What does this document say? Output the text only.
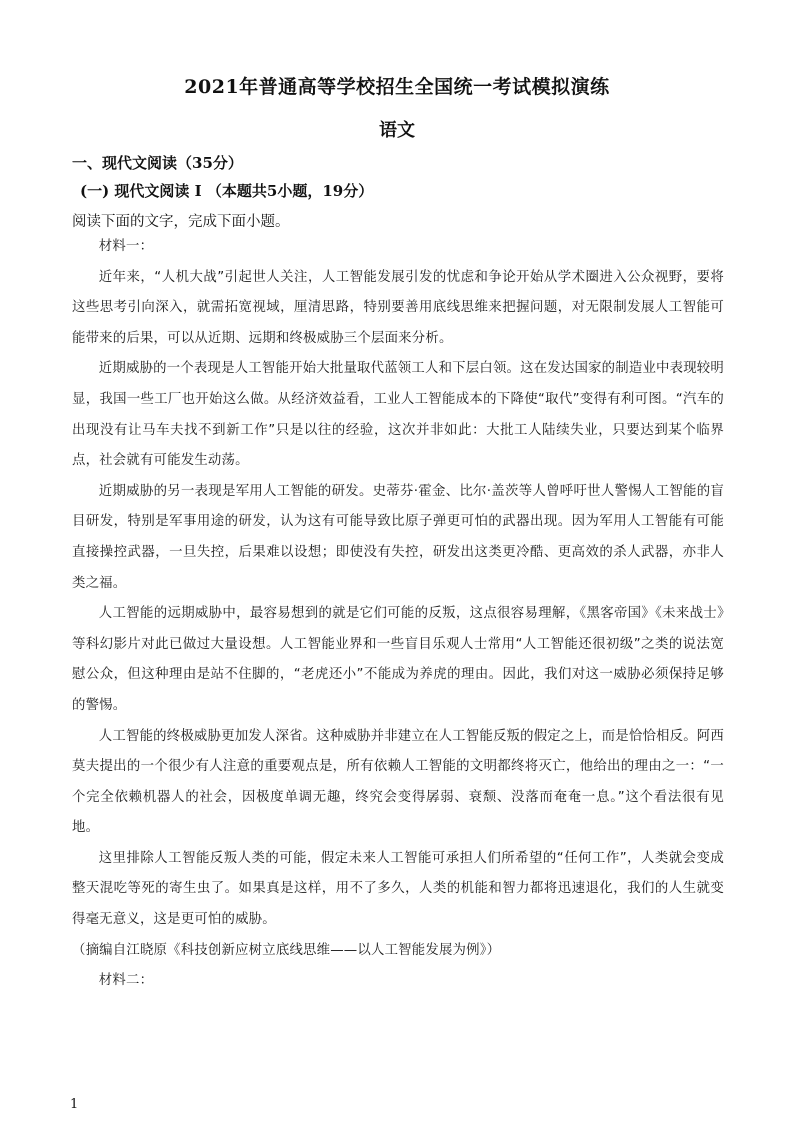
2021年普通高等学校招生全国统一考试模拟演练
语文
一、现代文阅读（35分）
(一) 现代文阅读 I （本题共5小题，19分）
阅读下面的文字，完成下面小题。

材料一：

近年来，“人机大战”引起世人关注，人工智能发展引发的忧虑和争论开始从学术圈进入公众视野，要将这些思考引向深入，就需拓宽视域，厘清思路，特别要善用底线思维来把握问题，对无限制发展人工智能可能带来的后果，可以从近期、远期和终极威胁三个层面来分析。

近期威胁的一个表现是人工智能开始大批量取代蓝领工人和下层白领。这在发达国家的制造业中表现较明显，我国一些工厂也开始这么做。从经济效益看，工业人工智能成本的下降使“取代”变得有利可图。“汽车的出现没有让马车夫找不到新工作”只是以往的经验，这次并非如此：大批工人陆续失业，只要达到某个临界点，社会就有可能发生动荡。

近期威胁的另一表现是军用人工智能的研发。史蒂芬·霍金、比尔·盖茨等人曾呼吁世人警惕人工智能的盲目研发，特别是军事用途的研发，认为这有可能导致比原子弹更可怕的武器出现。因为军用人工智能有可能直接操控武器，一旦失控，后果难以设想；即使没有失控，研发出这类更冷酷、更高效的杀人武器，亦非人类之福。

人工智能的远期威胁中，最容易想到的就是它们可能的反叛，这点很容易理解，《黑客帝国》《未来战士》等科幻影片对此已做过大量设想。人工智能业界和一些盲目乐观人士常用“人工智能还很初级”之类的说法宽慰公众，但这种理由是站不住脚的，“老虎还小”不能成为养虎的理由。因此，我们对这一威胁必须保持足够的警惕。

人工智能的终极威胁更加发人深省。这种威胁并非建立在人工智能反叛的假定之上，而是恰恰相反。阿西莫夫提出的一个很少有人注意的重要观点是，所有依赖人工智能的文明都终将灭亡，他给出的理由之一：“一个完全依赖机器人的社会，因极度单调无趣，终究会变得孱弱、衰颓、没落而奄奄一息。”这个看法很有见地。

这里排除人工智能反叛人类的可能，假定未来人工智能可承担人们所希望的“任何工作”，人类就会变成整天混吃等死的寄生虫了。如果真是这样，用不了多久，人类的机能和智力都将迅速退化，我们的人生就变得毫无意义，这是更可怕的威胁。

（摘编自江晓原《科技创新应树立底线思维——以人工智能发展为例》）

材料二：

1
